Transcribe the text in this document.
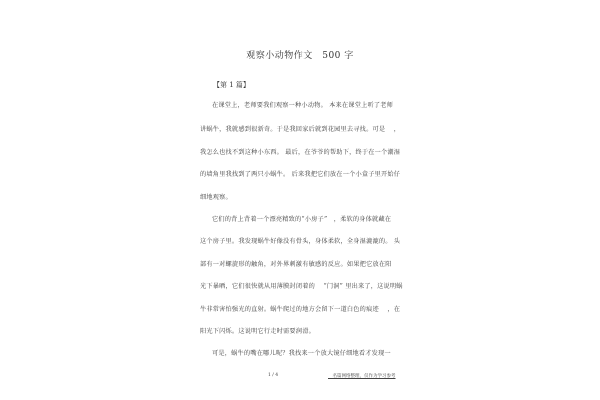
观察小动物作文　500 字
【第 1 篇】
在课堂上，老师要我们观察一种小动物。 本来在课堂上听了老师
讲蜗牛，我就感到很新奇。于是我回家后就到花园里去寻找。可是　 ，
我怎么也找不到这种小东西。 最后，在爷爷的帮助下，终于在一个潮湿
的墙角里我找到了两只小蜗牛。 后来我把它们放在一个小盒子里开始仔
细地观察。
它们的背上背着一个漂亮精致的“小房子”　，柔软的身体就藏在
这个房子里。我发现蜗牛好像没有骨头，身体柔软，全身湿漉漉的。 头
部有一对螺旋形的触角，对外界刺激有敏感的反应。如果把它放在阳
光下暴晒，它们很快就从用薄膜封闭着的　 “门洞” 里出来了，这说明蜗
牛非常害怕强光的直射。蜗牛爬过的地方会留下一道白色的痕迹　 ，在
阳光下闪烁。这说明它行走时需要润滑。
可是，蜗牛的嘴在哪儿呢？我找来一个放大镜仔细地看才发现一
1 / 4	__名篇网络整理，仅作为学习参考
